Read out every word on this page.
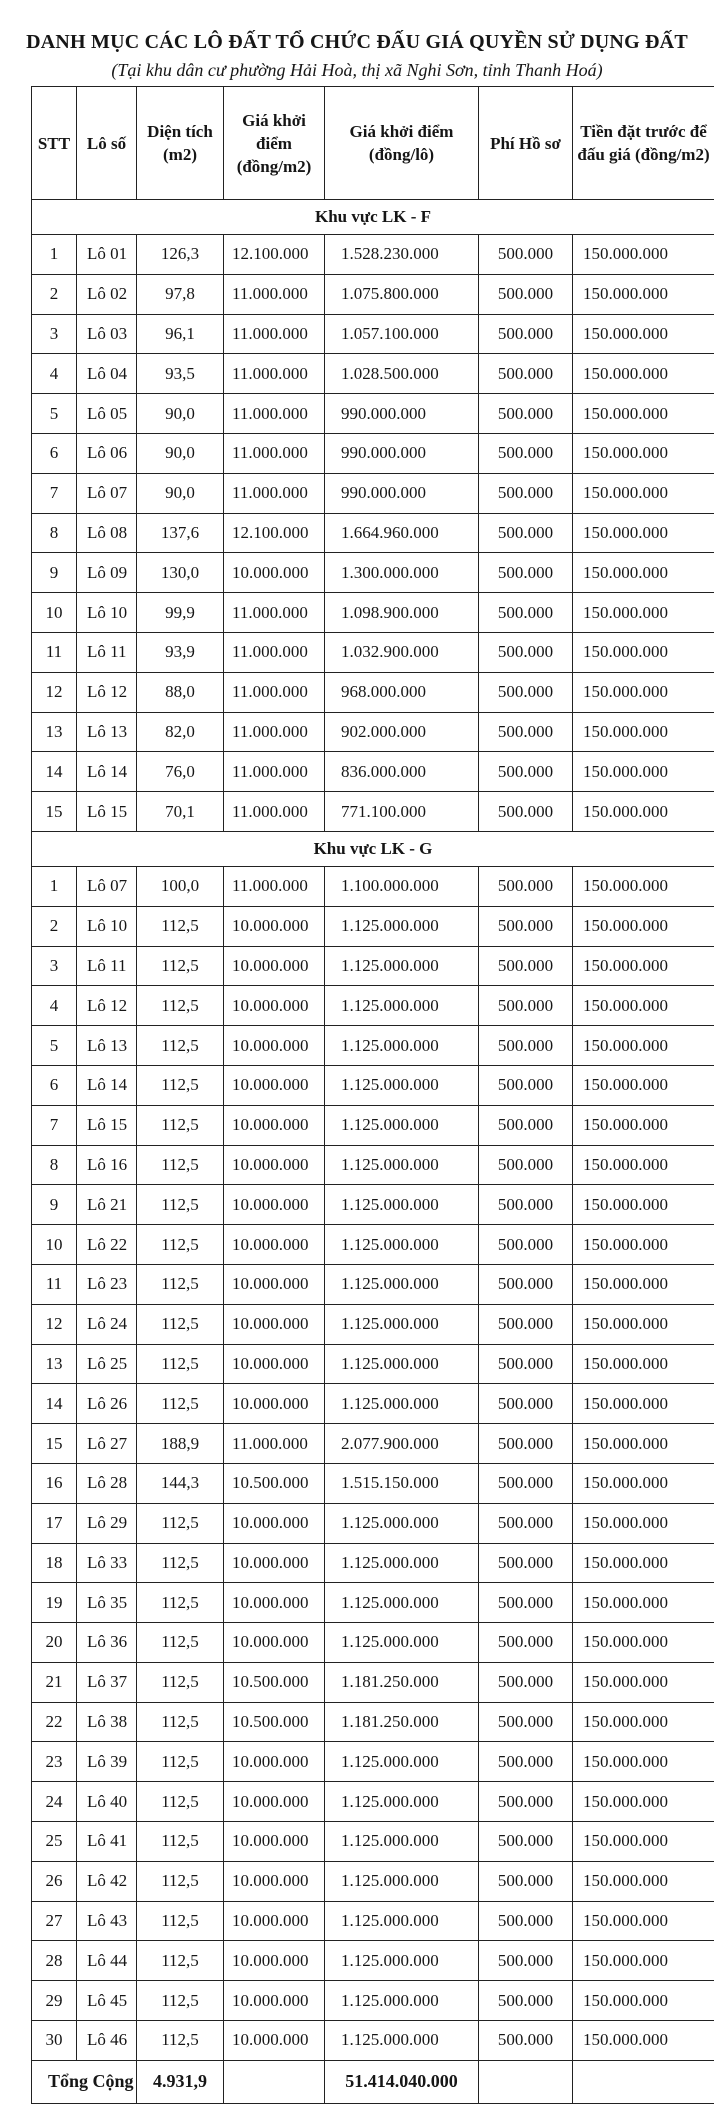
DANH MỤC CÁC LÔ ĐẤT TỔ CHỨC ĐẤU GIÁ QUYỀN SỬ DỤNG ĐẤT
(Tại khu dân cư phường Hải Hoà, thị xã Nghi Sơn, tỉnh Thanh Hoá)
STT	Lô số	Diện tích (m2)	Giá khởi điểm (đồng/m2)	Giá khởi điểm (đồng/lô)	Phí Hồ sơ	Tiền đặt trước để đấu giá (đồng/m2)
Khu vực LK - F						
1	Lô 01	126,3	12.100.000	1.528.230.000	500.000	150.000.000
2	Lô 02	97,8	11.000.000	1.075.800.000	500.000	150.000.000
3	Lô 03	96,1	11.000.000	1.057.100.000	500.000	150.000.000
4	Lô 04	93,5	11.000.000	1.028.500.000	500.000	150.000.000
5	Lô 05	90,0	11.000.000	990.000.000	500.000	150.000.000
6	Lô 06	90,0	11.000.000	990.000.000	500.000	150.000.000
7	Lô 07	90,0	11.000.000	990.000.000	500.000	150.000.000
8	Lô 08	137,6	12.100.000	1.664.960.000	500.000	150.000.000
9	Lô 09	130,0	10.000.000	1.300.000.000	500.000	150.000.000
10	Lô 10	99,9	11.000.000	1.098.900.000	500.000	150.000.000
11	Lô 11	93,9	11.000.000	1.032.900.000	500.000	150.000.000
12	Lô 12	88,0	11.000.000	968.000.000	500.000	150.000.000
13	Lô 13	82,0	11.000.000	902.000.000	500.000	150.000.000
14	Lô 14	76,0	11.000.000	836.000.000	500.000	150.000.000
15	Lô 15	70,1	11.000.000	771.100.000	500.000	150.000.000
Khu vực LK - G						
1	Lô 07	100,0	11.000.000	1.100.000.000	500.000	150.000.000
2	Lô 10	112,5	10.000.000	1.125.000.000	500.000	150.000.000
3	Lô 11	112,5	10.000.000	1.125.000.000	500.000	150.000.000
4	Lô 12	112,5	10.000.000	1.125.000.000	500.000	150.000.000
5	Lô 13	112,5	10.000.000	1.125.000.000	500.000	150.000.000
6	Lô 14	112,5	10.000.000	1.125.000.000	500.000	150.000.000
7	Lô 15	112,5	10.000.000	1.125.000.000	500.000	150.000.000
8	Lô 16	112,5	10.000.000	1.125.000.000	500.000	150.000.000
9	Lô 21	112,5	10.000.000	1.125.000.000	500.000	150.000.000
10	Lô 22	112,5	10.000.000	1.125.000.000	500.000	150.000.000
11	Lô 23	112,5	10.000.000	1.125.000.000	500.000	150.000.000
12	Lô 24	112,5	10.000.000	1.125.000.000	500.000	150.000.000
13	Lô 25	112,5	10.000.000	1.125.000.000	500.000	150.000.000
14	Lô 26	112,5	10.000.000	1.125.000.000	500.000	150.000.000
15	Lô 27	188,9	11.000.000	2.077.900.000	500.000	150.000.000
16	Lô 28	144,3	10.500.000	1.515.150.000	500.000	150.000.000
17	Lô 29	112,5	10.000.000	1.125.000.000	500.000	150.000.000
18	Lô 33	112,5	10.000.000	1.125.000.000	500.000	150.000.000
19	Lô 35	112,5	10.000.000	1.125.000.000	500.000	150.000.000
20	Lô 36	112,5	10.000.000	1.125.000.000	500.000	150.000.000
21	Lô 37	112,5	10.500.000	1.181.250.000	500.000	150.000.000
22	Lô 38	112,5	10.500.000	1.181.250.000	500.000	150.000.000
23	Lô 39	112,5	10.000.000	1.125.000.000	500.000	150.000.000
24	Lô 40	112,5	10.000.000	1.125.000.000	500.000	150.000.000
25	Lô 41	112,5	10.000.000	1.125.000.000	500.000	150.000.000
26	Lô 42	112,5	10.000.000	1.125.000.000	500.000	150.000.000
27	Lô 43	112,5	10.000.000	1.125.000.000	500.000	150.000.000
28	Lô 44	112,5	10.000.000	1.125.000.000	500.000	150.000.000
29	Lô 45	112,5	10.000.000	1.125.000.000	500.000	150.000.000
30	Lô 46	112,5	10.000.000	1.125.000.000	500.000	150.000.000
Tổng Cộng		4.931,9		51.414.040.000		
